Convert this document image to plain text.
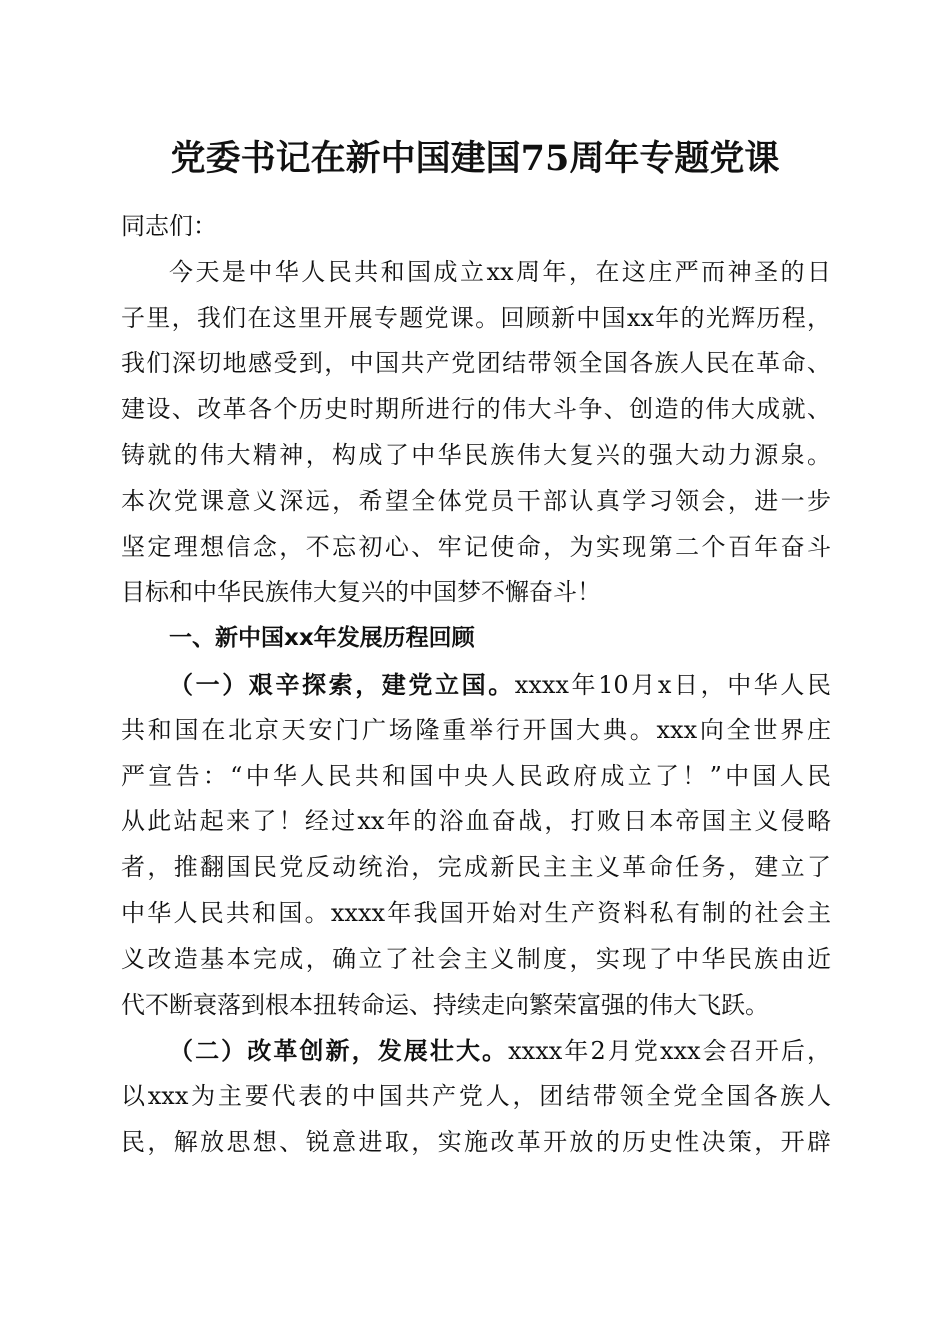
党委书记在新中国建国75周年专题党课
同志们：
今天是中华人民共和国成立xx周年，在这庄严而神圣的日
子里，我们在这里开展专题党课。回顾新中国xx年的光辉历程，
我们深切地感受到，中国共产党团结带领全国各族人民在革命、
建设、改革各个历史时期所进行的伟大斗争、创造的伟大成就、
铸就的伟大精神，构成了中华民族伟大复兴的强大动力源泉。
本次党课意义深远，希望全体党员干部认真学习领会，进一步
坚定理想信念，不忘初心、牢记使命，为实现第二个百年奋斗
目标和中华民族伟大复兴的中国梦不懈奋斗！
一、新中国xx年发展历程回顾
（一）艰辛探索，建党立国。xxxx年10月x日，中华人民
共和国在北京天安门广场隆重举行开国大典。xxx向全世界庄
严宣告：“中华人民共和国中央人民政府成立了！”中国人民
从此站起来了！经过xx年的浴血奋战，打败日本帝国主义侵略
者，推翻国民党反动统治，完成新民主主义革命任务，建立了
中华人民共和国。xxxx年我国开始对生产资料私有制的社会主
义改造基本完成，确立了社会主义制度，实现了中华民族由近
代不断衰落到根本扭转命运、持续走向繁荣富强的伟大飞跃。
（二）改革创新，发展壮大。xxxx年2月党xxx会召开后，
以xxx为主要代表的中国共产党人，团结带领全党全国各族人
民，解放思想、锐意进取，实施改革开放的历史性决策，开辟
